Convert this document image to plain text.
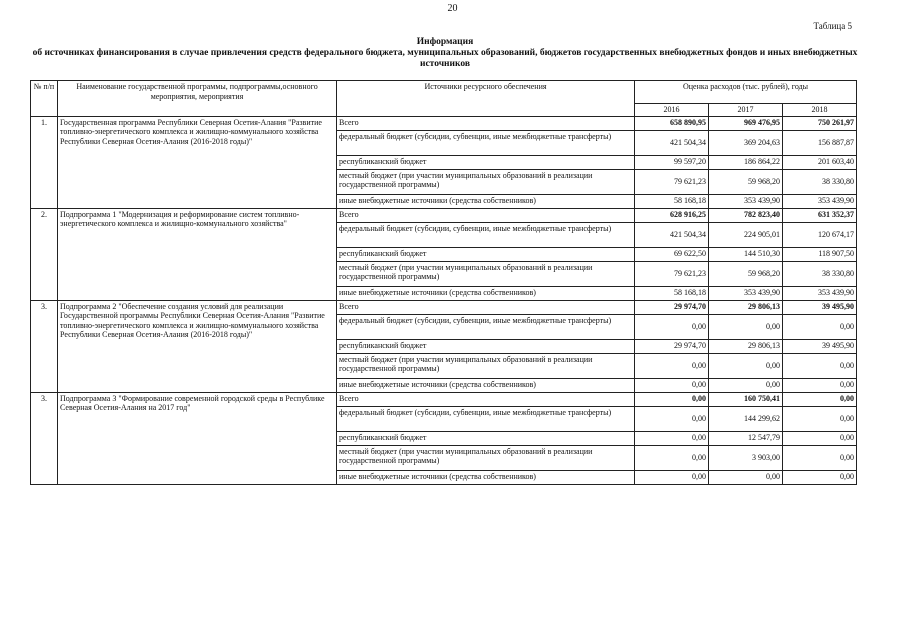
20
Таблица 5
Информация
об источниках финансирования в случае привлечения средств федерального бюджета, муниципальных образований, бюджетов государственных внебюджетных фондов и иных внебюджетных источников
№ п/п	Наименование государственной программы, подпрограммы,основного мероприятия, мероприятия	Источники ресурсного обеспечения	Оценка расходов (тыс. рублей), годы		
			2016	2017	2018
1.	Государственная программа Республики Северная Осетия-Алания "Развитие топливно-энергетического комплекса и жилищно-коммунального хозяйства Республики Северная Осетия-Алания (2016-2018 годы)"	Всего	658 890,95	969 476,95	750 261,97
		федеральный бюджет (субсидии, субвенции, иные межбюджетные трансферты)	421 504,34	369 204,63	156 887,87
		республиканский бюджет	99 597,20	186 864,22	201 603,40
		местный бюджет (при участии муниципальных образований в реализации государственной программы)	79 621,23	59 968,20	38 330,80
		иные внебюджетные источники (средства собственников)	58 168,18	353 439,90	353 439,90
2.	Подпрограмма 1 "Модернизация и реформирование систем топливно-энергетического комплекса и жилищно-коммунального хозяйства"	Всего	628 916,25	782 823,40	631 352,37
		федеральный бюджет (субсидии, субвенции, иные межбюджетные трансферты)	421 504,34	224 905,01	120 674,17
		республиканский бюджет	69 622,50	144 510,30	118 907,50
		местный бюджет (при участии муниципальных образований в реализации государственной программы)	79 621,23	59 968,20	38 330,80
		иные внебюджетные источники (средства собственников)	58 168,18	353 439,90	353 439,90
3.	Подпрограмма 2 "Обеспечение создания условий для реализации Государственной программы Республики Северная Осетия-Алания "Развитие топливно-энергетического комплекса и жилищно-коммунального хозяйства Республики Северная Осетия-Алания (2016-2018 годы)"	Всего	29 974,70	29 806,13	39 495,90
		федеральный бюджет (субсидии, субвенции, иные межбюджетные трансферты)	0,00	0,00	0,00
		республиканский бюджет	29 974,70	29 806,13	39 495,90
		местный бюджет (при участии муниципальных образований в реализации государственной программы)	0,00	0,00	0,00
		иные внебюджетные источники (средства собственников)	0,00	0,00	0,00
3.	Подпрограмма 3 "Формирование современной городской среды в Республике Северная Осетия-Алания на 2017 год"	Всего	0,00	160 750,41	0,00
		федеральный бюджет (субсидии, субвенции, иные межбюджетные трансферты)	0,00	144 299,62	0,00
		республиканский бюджет	0,00	12 547,79	0,00
		местный бюджет (при участии муниципальных образований в реализации государственной программы)	0,00	3 903,00	0,00
		иные внебюджетные источники (средства собственников)	0,00	0,00	0,00
